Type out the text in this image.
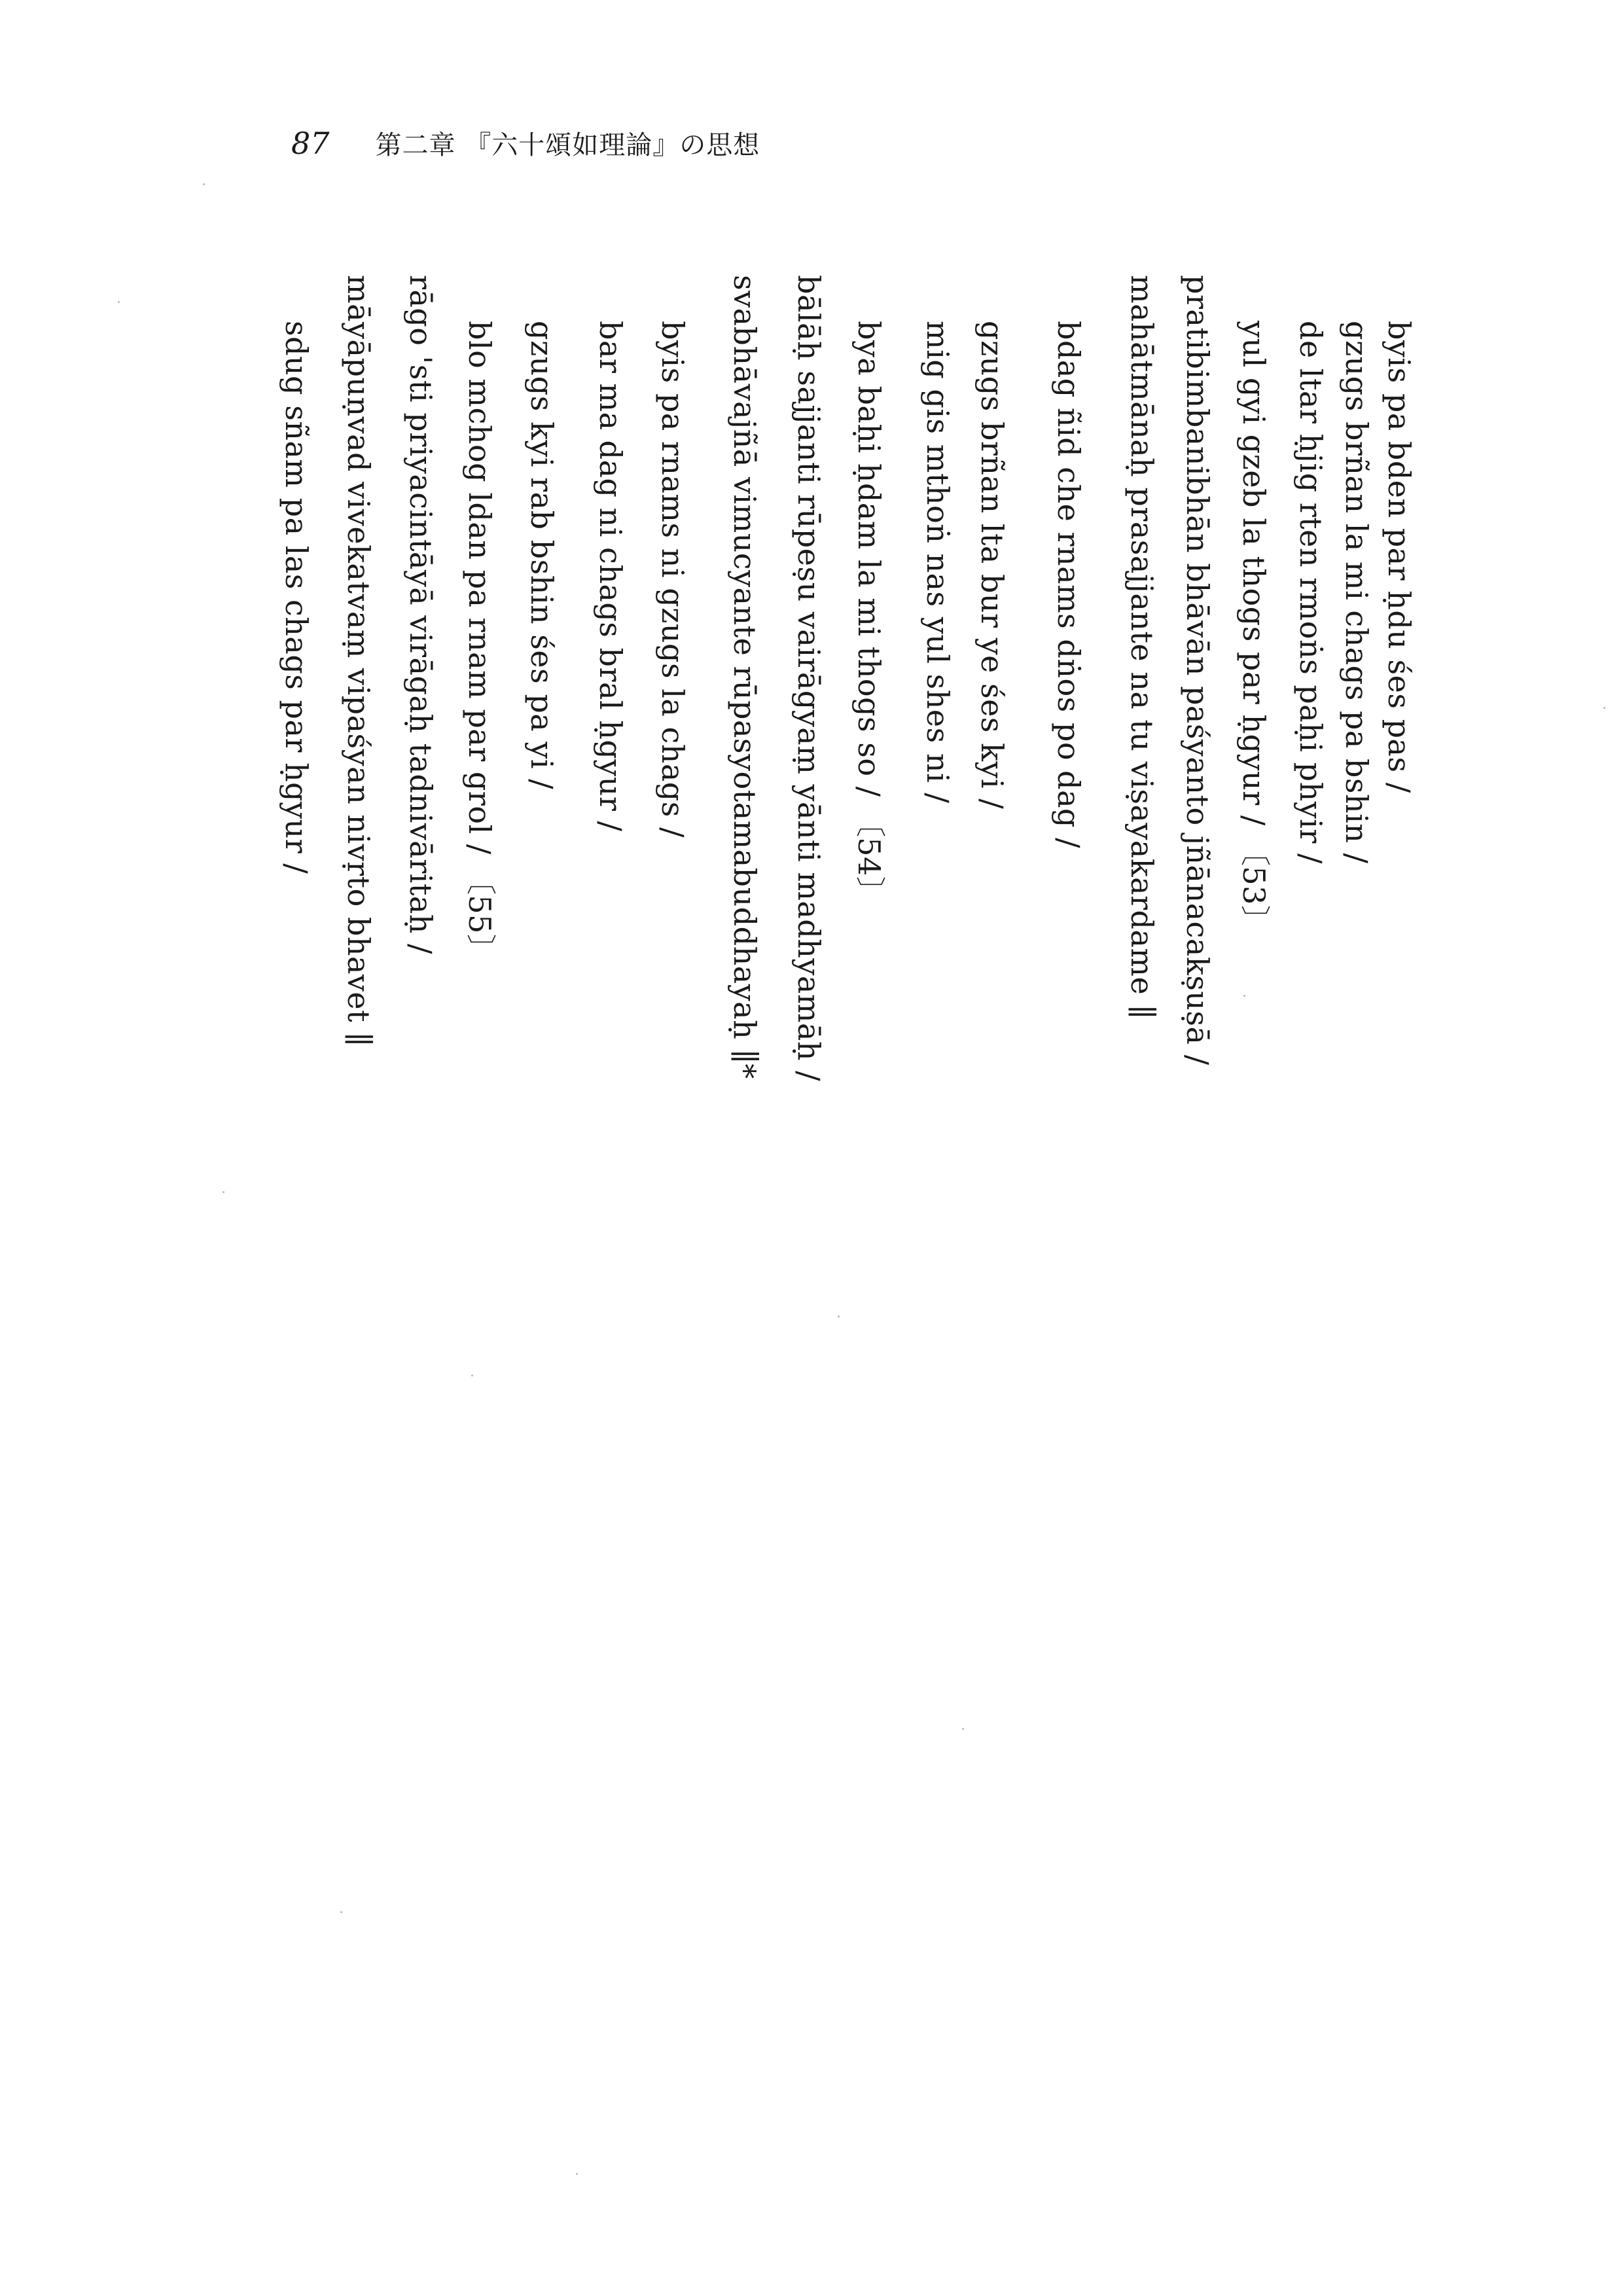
87 第二章 『六十頌如理論』の思想
byis pa bden par ḥdu śes pas /
gzugs brñan la mi chags pa bshin /
de ltar ḥjig rten rmoṅs paḥi phyir /
yul gyi gzeb la thogs par ḥgyur / 〔53〕
pratibimbanibhān bhāvān paśyanto jñānacakṣuṣā /
mahātmānaḥ prasajjante na tu viṣayakardame ∥
bdag ñid che rnams dṅos po dag /
gzugs brñan lta bur ye śes kyi /
mig gis mthoṅ nas yul shes ni /
bya baḥi ḥdam la mi thogs so / 〔54〕
bālāḥ sajjanti rūpeṣu vairāgyaṃ yānti madhyamāḥ /
svabhāvajñā vimucyante rūpasyotamabuddhayaḥ ∥*
byis pa rnams ni gzugs la chags /
bar ma dag ni chags bral ḥgyur /
gzugs kyi rab bshin śes pa yi /
blo mchog ldan pa rnam par grol / 〔55〕
rāgo 'sti priyacintāyā virāgaḥ tadnivāritaḥ /
māyāpuṇvad vivekatvaṃ vipaśyan nivṛto bhavet ∥
sdug sñam pa las chags par ḥgyur /
